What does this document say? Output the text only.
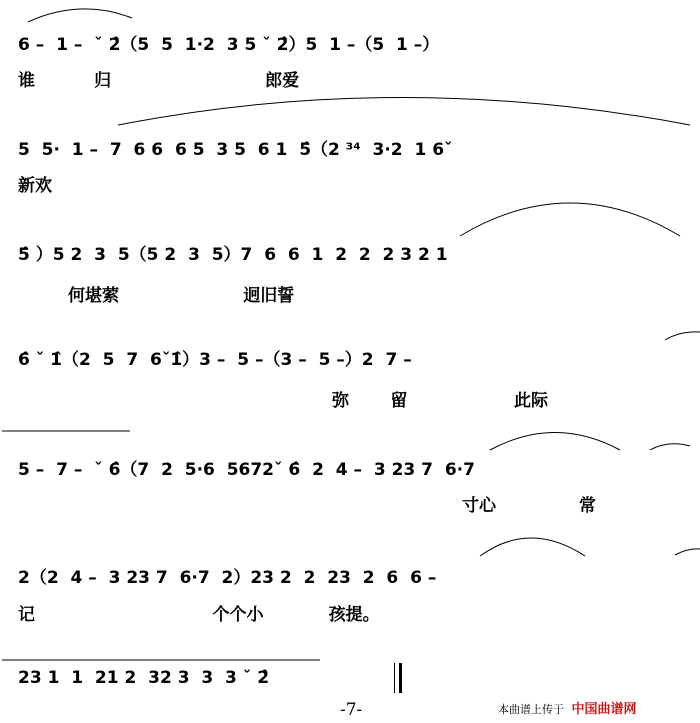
6 –  1 –  ˇ 2̂（5  5  1·2  3 5 ˇ 2̂）5  1 –（5  1 –）
谁          归                          郎爱
5  5·  1 –  7  6 6  6 5  3 5  6 1  5̂（2 ³⁴  3·2  1 6ˇ
新欢
5̂ ）5 2  3  5（5 2  3  5）7  6  6  1  2  2  2 3 2 1
何堪萦                     迥旧誓
6̂ ˇ 1̂（2  5  7  6ˇ1̂）3 –  5 –（3 –  5 –）2  7 –
弥       留                  此际
5 –  7 –  ˇ 6̂（7  2  5·6  5672ˇ 6̂  2  4 –  3 23 7  6·7
寸心              常
2（2  4 –  3 23 7  6·7  2）23 2  2  23  2  6  6 –
记                              个个小           孩提。
23 1  1  21 2  32 3  3  3 ˇ 2̂
-7-	本曲谱上传于 中国曲谱网
